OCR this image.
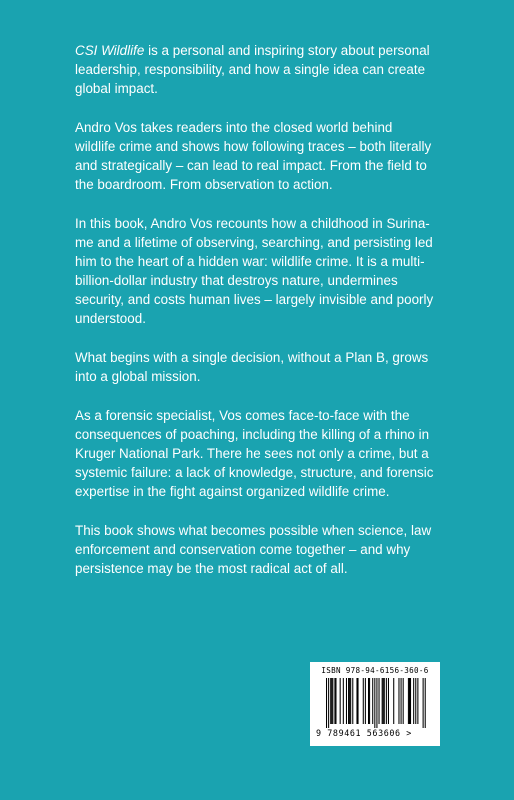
CSI Wildlife is a personal and inspiring story about personal
leadership, responsibility, and how a single idea can create
global impact.

Andro Vos takes readers into the closed world behind
wildlife crime and shows how following traces – both literally
and strategically – can lead to real impact. From the field to
the boardroom. From observation to action.

In this book, Andro Vos recounts how a childhood in Surina-
me and a lifetime of observing, searching, and persisting led
him to the heart of a hidden war: wildlife crime. It is a multi-
billion-dollar industry that destroys nature, undermines
security, and costs human lives – largely invisible and poorly
understood.

What begins with a single decision, without a Plan B, grows
into a global mission.

As a forensic specialist, Vos comes face-to-face with the
consequences of poaching, including the killing of a rhino in
Kruger National Park. There he sees not only a crime, but a
systemic failure: a lack of knowledge, structure, and forensic
expertise in the fight against organized wildlife crime.

This book shows what becomes possible when science, law
enforcement and conservation come together – and why
persistence may be the most radical act of all.

ISBN 978-94-6156-360-6
9 789461 563606 >
